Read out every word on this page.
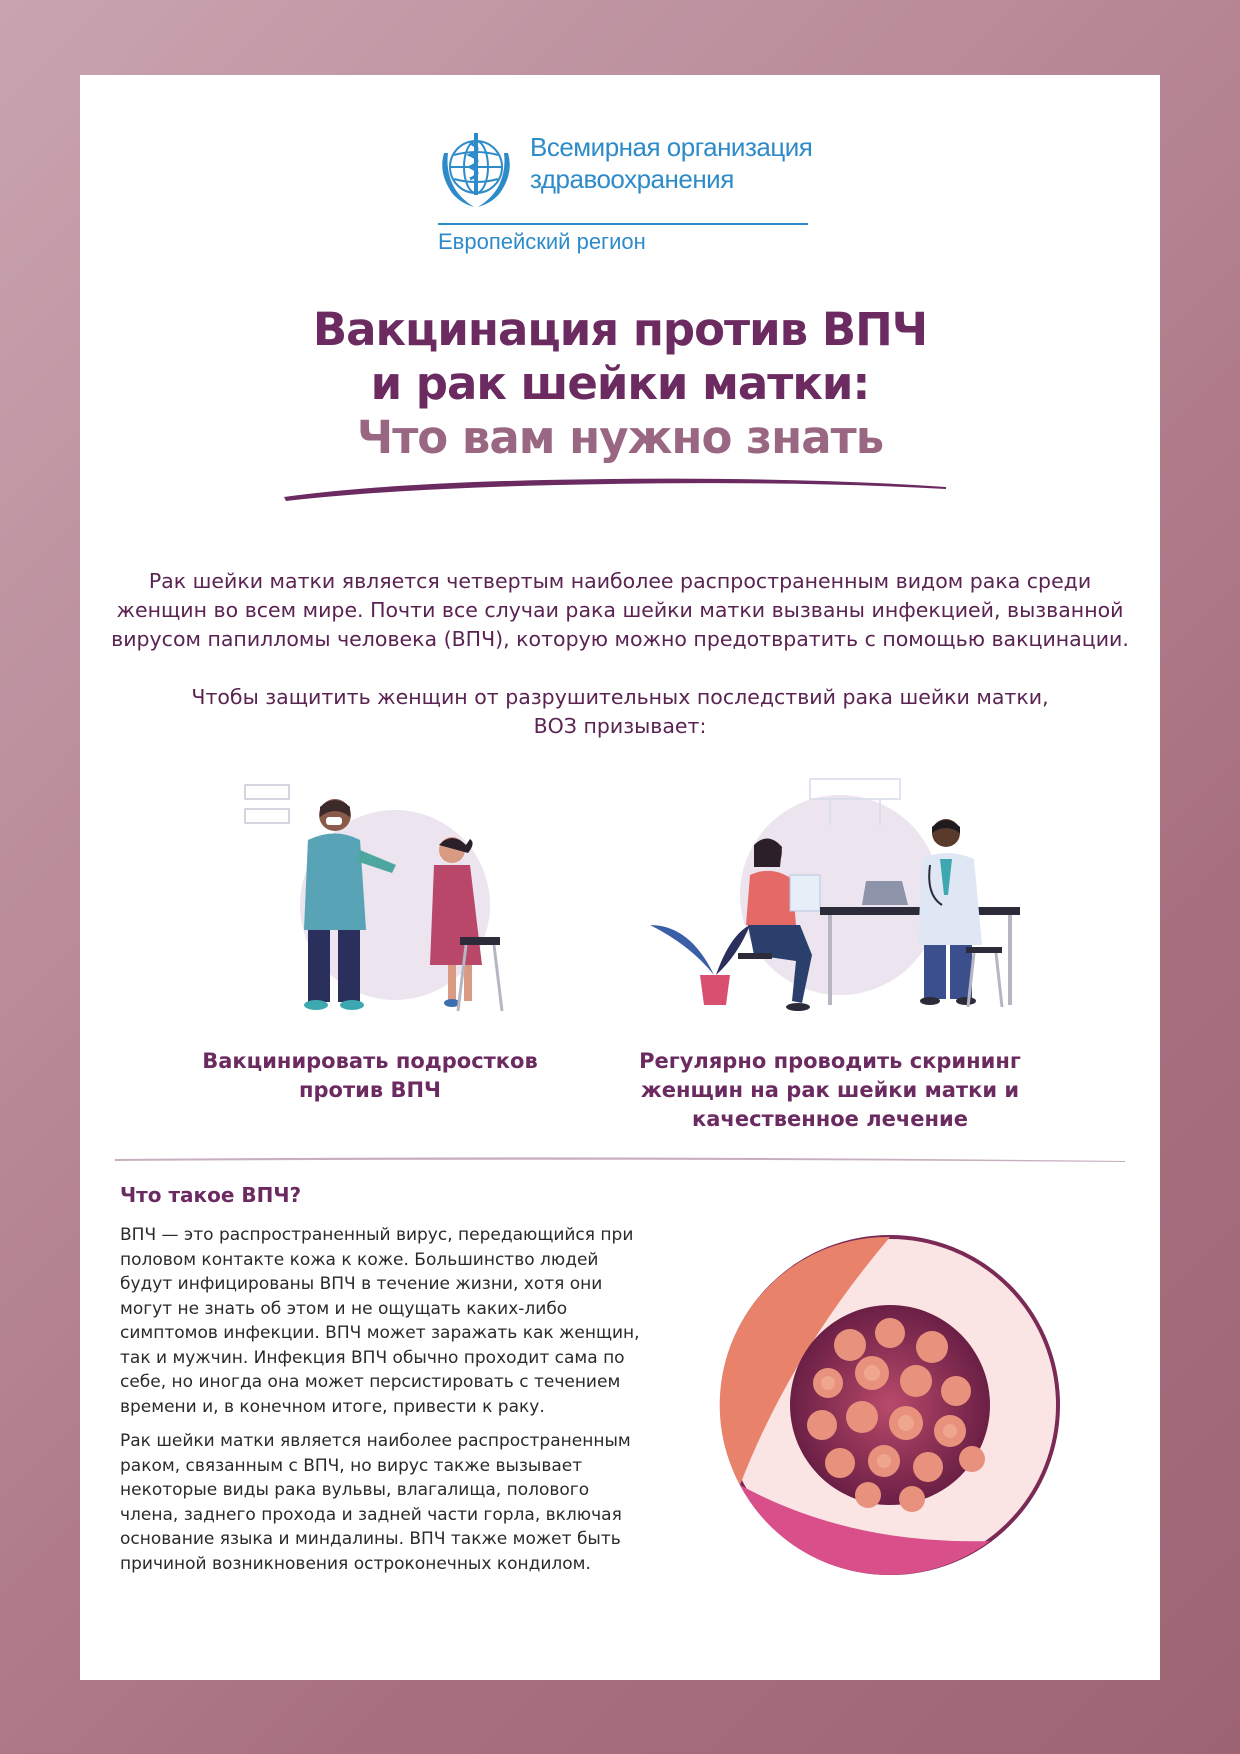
Всемирная организация
здравоохранения
Европейский регион
Вакцинация против ВПЧ
и рак шейки матки:
Что вам нужно знать
Рак шейки матки является четвертым наиболее распространенным видом рака среди женщин во всем мире. Почти все случаи рака шейки матки вызваны инфекцией, вызванной вирусом папилломы человека (ВПЧ), которую можно предотвратить с помощью вакцинации.
Чтобы защитить женщин от разрушительных последствий рака шейки матки,
ВОЗ призывает:
Вакцинировать подростков
против ВПЧ
Регулярно проводить скрининг
женщин на рак шейки матки и
качественное лечение
Что такое ВПЧ?
ВПЧ — это распространенный вирус, передающийся при половом контакте кожа к коже. Большинство людей будут инфицированы ВПЧ в течение жизни, хотя они могут не знать об этом и не ощущать каких-либо симптомов инфекции. ВПЧ может заражать как женщин, так и мужчин. Инфекция ВПЧ обычно проходит сама по себе, но иногда она может персистировать с течением времени и, в конечном итоге, привести к раку.
Рак шейки матки является наиболее распространенным раком, связанным с ВПЧ, но вирус также вызывает некоторые виды рака вульвы, влагалища, полового члена, заднего прохода и задней части горла, включая основание языка и миндалины. ВПЧ также может быть причиной возникновения остроконечных кондилом.
